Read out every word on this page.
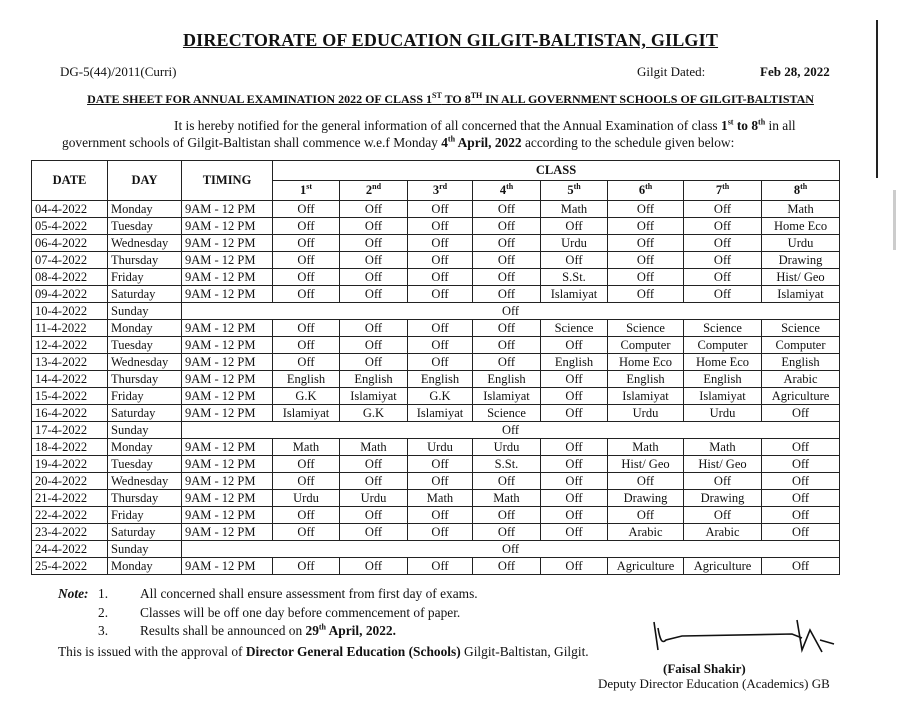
DIRECTORATE OF EDUCATION GILGIT-BALTISTAN, GILGIT
DG-5(44)/2011(Curri)	Gilgit Dated:	Feb 28, 2022
DATE SHEET FOR ANNUAL EXAMINATION 2022 OF CLASS 1ST TO 8TH IN ALL GOVERNMENT SCHOOLS OF GILGIT-BALTISTAN
It is hereby notified for the general information of all concerned that the Annual Examination of class 1st to 8th in all government schools of Gilgit-Baltistan shall commence w.e.f Monday 4th April, 2022 according to the schedule given below:
DATE	DAY	TIMING	CLASS							
			1st	2nd	3rd	4th	5th	6th	7th	8th
04-4-2022	Monday	9AM - 12 PM	Off	Off	Off	Off	Math	Off	Off	Math
05-4-2022	Tuesday	9AM - 12 PM	Off	Off	Off	Off	Off	Off	Off	Home Eco
06-4-2022	Wednesday	9AM - 12 PM	Off	Off	Off	Off	Urdu	Off	Off	Urdu
07-4-2022	Thursday	9AM - 12 PM	Off	Off	Off	Off	Off	Off	Off	Drawing
08-4-2022	Friday	9AM - 12 PM	Off	Off	Off	Off	S.St.	Off	Off	Hist/ Geo
09-4-2022	Saturday	9AM - 12 PM	Off	Off	Off	Off	Islamiyat	Off	Off	Islamiyat
10-4-2022	Sunday	Off								
11-4-2022	Monday	9AM - 12 PM	Off	Off	Off	Off	Science	Science	Science	Science
12-4-2022	Tuesday	9AM - 12 PM	Off	Off	Off	Off	Off	Computer	Computer	Computer
13-4-2022	Wednesday	9AM - 12 PM	Off	Off	Off	Off	English	Home Eco	Home Eco	English
14-4-2022	Thursday	9AM - 12 PM	English	English	English	English	Off	English	English	Arabic
15-4-2022	Friday	9AM - 12 PM	G.K	Islamiyat	G.K	Islamiyat	Off	Islamiyat	Islamiyat	Agriculture
16-4-2022	Saturday	9AM - 12 PM	Islamiyat	G.K	Islamiyat	Science	Off	Urdu	Urdu	Off
17-4-2022	Sunday	Off								
18-4-2022	Monday	9AM - 12 PM	Math	Math	Urdu	Urdu	Off	Math	Math	Off
19-4-2022	Tuesday	9AM - 12 PM	Off	Off	Off	S.St.	Off	Hist/ Geo	Hist/ Geo	Off
20-4-2022	Wednesday	9AM - 12 PM	Off	Off	Off	Off	Off	Off	Off	Off
21-4-2022	Thursday	9AM - 12 PM	Urdu	Urdu	Math	Math	Off	Drawing	Drawing	Off
22-4-2022	Friday	9AM - 12 PM	Off	Off	Off	Off	Off	Off	Off	Off
23-4-2022	Saturday	9AM - 12 PM	Off	Off	Off	Off	Off	Arabic	Arabic	Off
24-4-2022	Sunday	Off								
25-4-2022	Monday	9AM - 12 PM	Off	Off	Off	Off	Off	Agriculture	Agriculture	Off
Note: 1.	All concerned shall ensure assessment from first day of exams.
2.	Classes will be off one day before commencement of paper.
3.	Results shall be announced on 29th April, 2022.
This is issued with the approval of Director General Education (Schools) Gilgit-Baltistan, Gilgit.
(Faisal Shakir)
Deputy Director Education (Academics) GB
